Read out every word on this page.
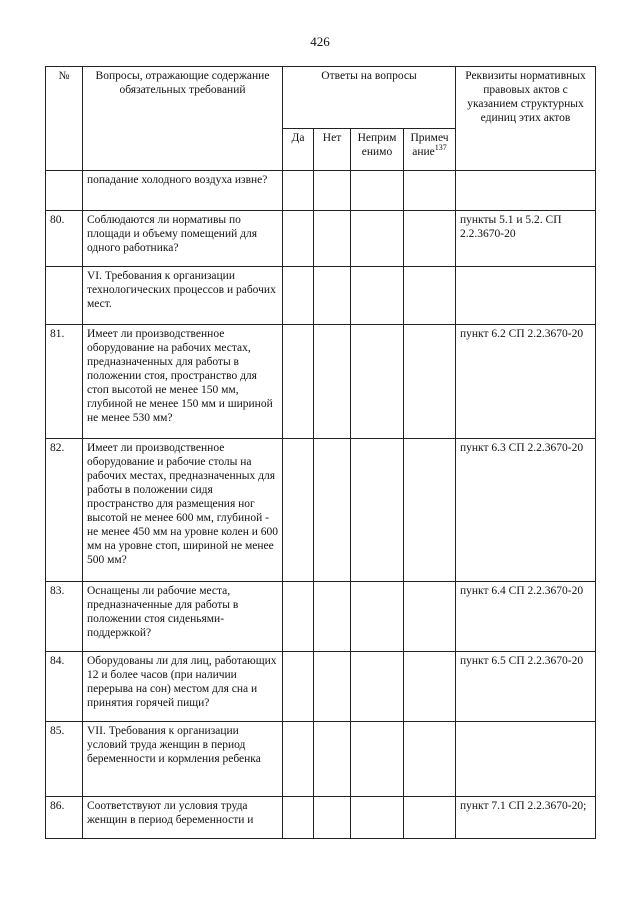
426
№	Вопросы, отражающие содержание обязательных требований	Ответы на вопросы				Реквизиты нормативных правовых актов с указанием структурных единиц этих актов
		Да	Нет	Неприм енимо	Примеч ание$^{137}$
	попадание холодного воздуха извне?					
80.	Соблюдаются ли нормативы по площади и объему помещений для одного работника?					пункты 5.1 и 5.2. СП 2.2.3670-20
	VI. Требования к организации технологических процессов и рабочих мест.					
81.	Имеет ли производственное оборудование на рабочих местах, предназначенных для работы в положении стоя, пространство для стоп высотой не менее 150 мм, глубиной не менее 150 мм и шириной не менее 530 мм?					пункт 6.2 СП 2.2.3670-20
82.	Имеет ли производственное оборудование и рабочие столы на рабочих местах, предназначенных для работы в положении сидя пространство для размещения ног высотой не менее 600 мм, глубиной - не менее 450 мм на уровне колен и 600 мм на уровне стоп, шириной не менее 500 мм?					пункт 6.3 СП 2.2.3670-20
83.	Оснащены ли рабочие места, предназначенные для работы в положении стоя сиденьями-поддержкой?					пункт 6.4 СП 2.2.3670-20
84.	Оборудованы ли для лиц, работающих 12 и более часов (при наличии перерыва на сон) местом для сна и принятия горячей пищи?					пункт 6.5 СП 2.2.3670-20
85.	VII. Требования к организации условий труда женщин в период беременности и кормления ребенка					
86.	Соответствуют ли условия труда женщин в период беременности и					пункт 7.1 СП 2.2.3670-20;
